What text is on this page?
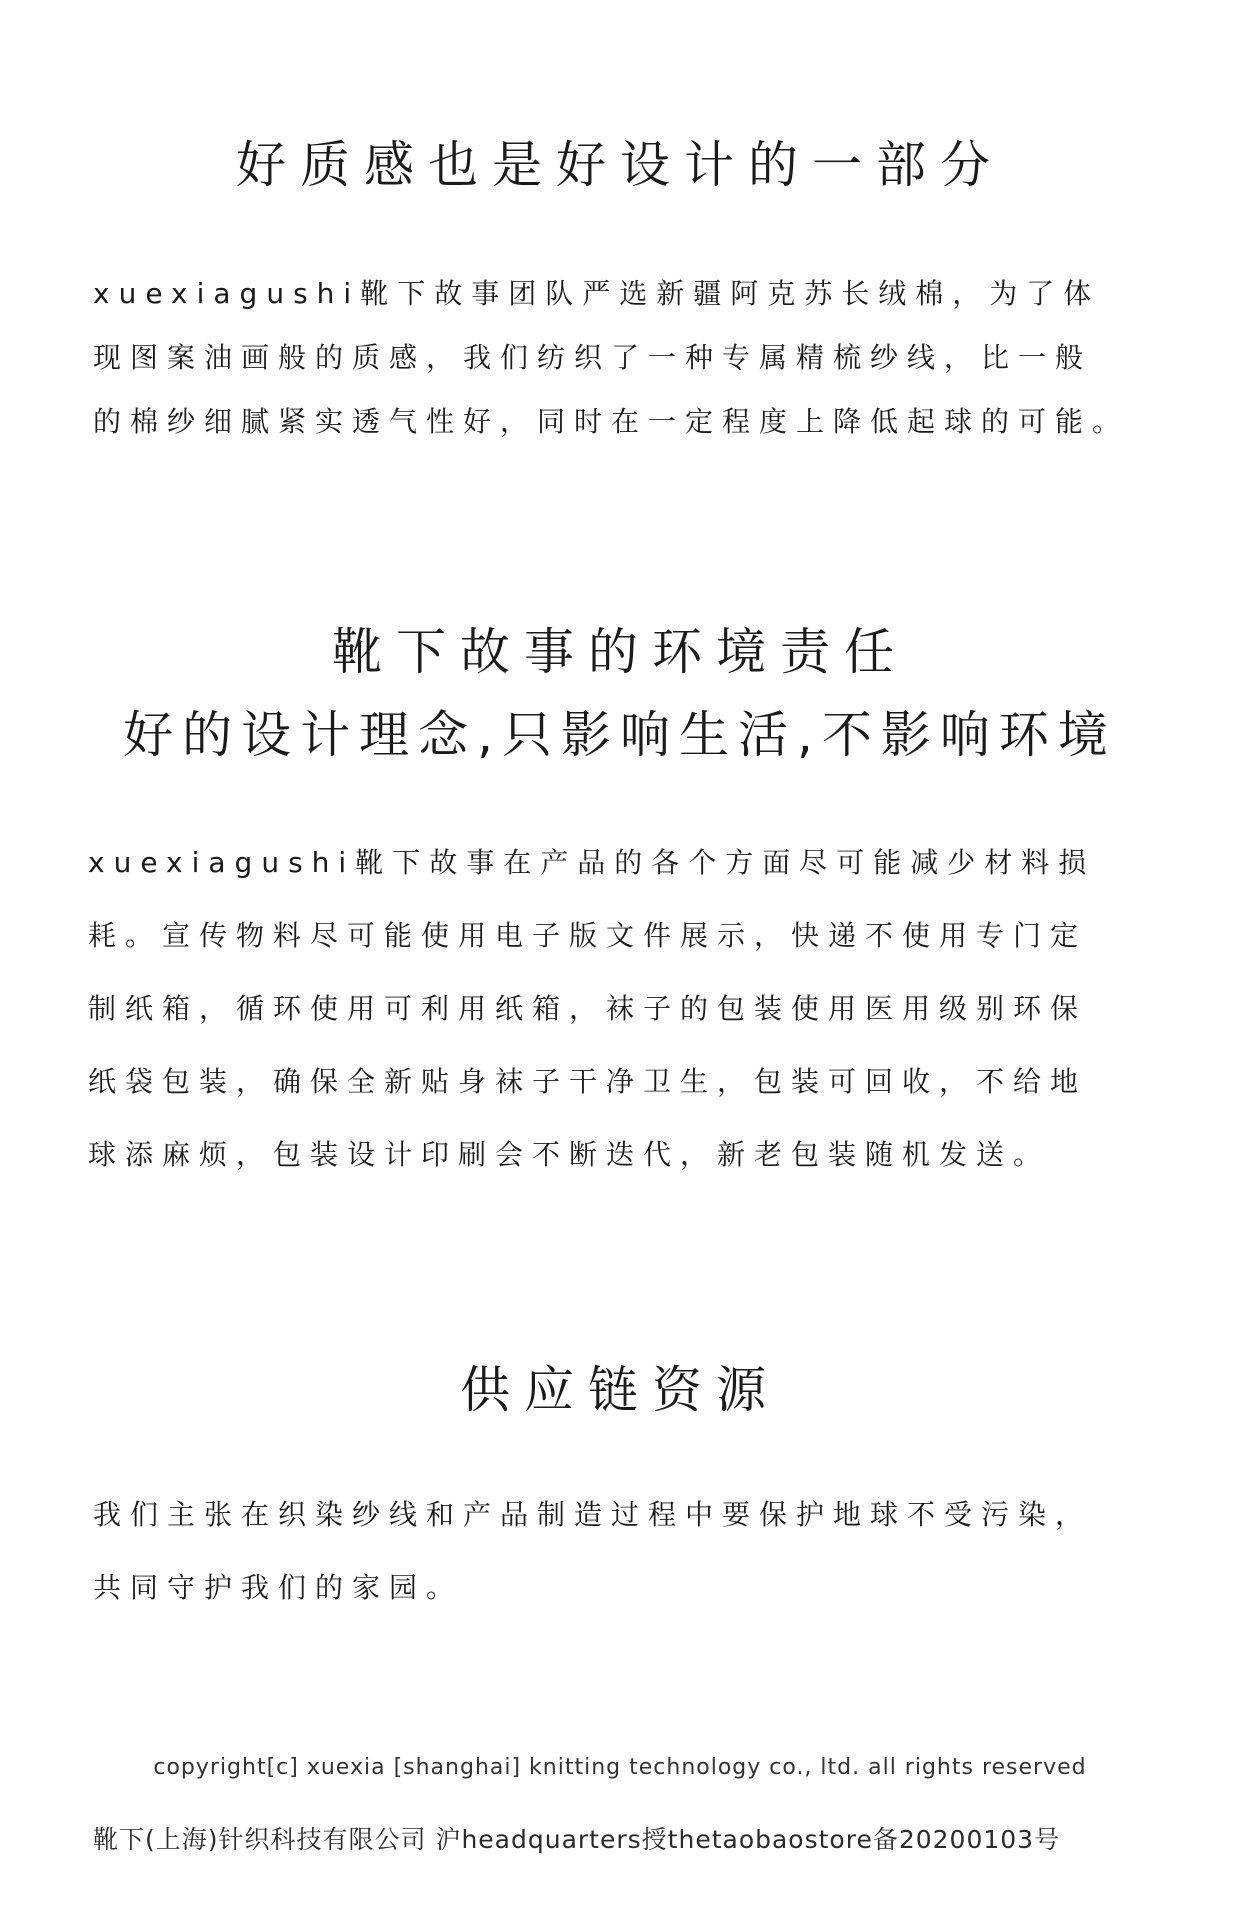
好质感也是好设计的一部分

xuexiagushi靴下故事团队严选新疆阿克苏长绒棉，为了体

现图案油画般的质感，我们纺织了一种专属精梳纱线，比一般

的棉纱细腻紧实透气性好，同时在一定程度上降低起球的可能。

靴下故事的环境责任
好的设计理念,只影响生活,不影响环境

xuexiagushi靴下故事在产品的各个方面尽可能减少材料损

耗。宣传物料尽可能使用电子版文件展示，快递不使用专门定

制纸箱，循环使用可利用纸箱，袜子的包装使用医用级别环保

纸袋包装，确保全新贴身袜子干净卫生，包装可回收，不给地

球添麻烦，包装设计印刷会不断迭代，新老包装随机发送。

供应链资源

我们主张在织染纱线和产品制造过程中要保护地球不受污染，

共同守护我们的家园。

copyright[c] xuexia [shanghai] knitting technology co., ltd. all rights reserved
靴下(上海)针织科技有限公司 沪headquarters授thetaobaostore备20200103号
